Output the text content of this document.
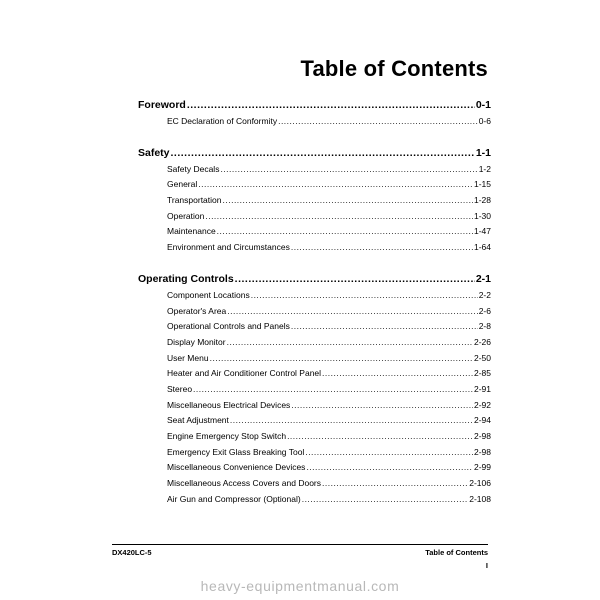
Table of Contents
Foreword .....	0-1
EC Declaration of Conformity .....	0-6
Safety .....	1-1
Safety Decals .....	1-2
General .....	1-15
Transportation .....	1-28
Operation .....	1-30
Maintenance .....	1-47
Environment and Circumstances .....	1-64
Operating Controls .....	2-1
Component Locations .....	2-2
Operator's Area .....	2-6
Operational Controls and Panels .....	2-8
Display Monitor .....	2-26
User Menu .....	2-50
Heater and Air Conditioner Control Panel .....	2-85
Stereo .....	2-91
Miscellaneous Electrical Devices .....	2-92
Seat Adjustment .....	2-94
Engine Emergency Stop Switch .....	2-98
Emergency Exit Glass Breaking Tool .....	2-98
Miscellaneous Convenience Devices .....	2-99
Miscellaneous Access Covers and Doors .....	2-106
Air Gun and Compressor (Optional) .....	2-108
DX420LC-5	Table of Contents
I
heavy-equipmentmanual.com
